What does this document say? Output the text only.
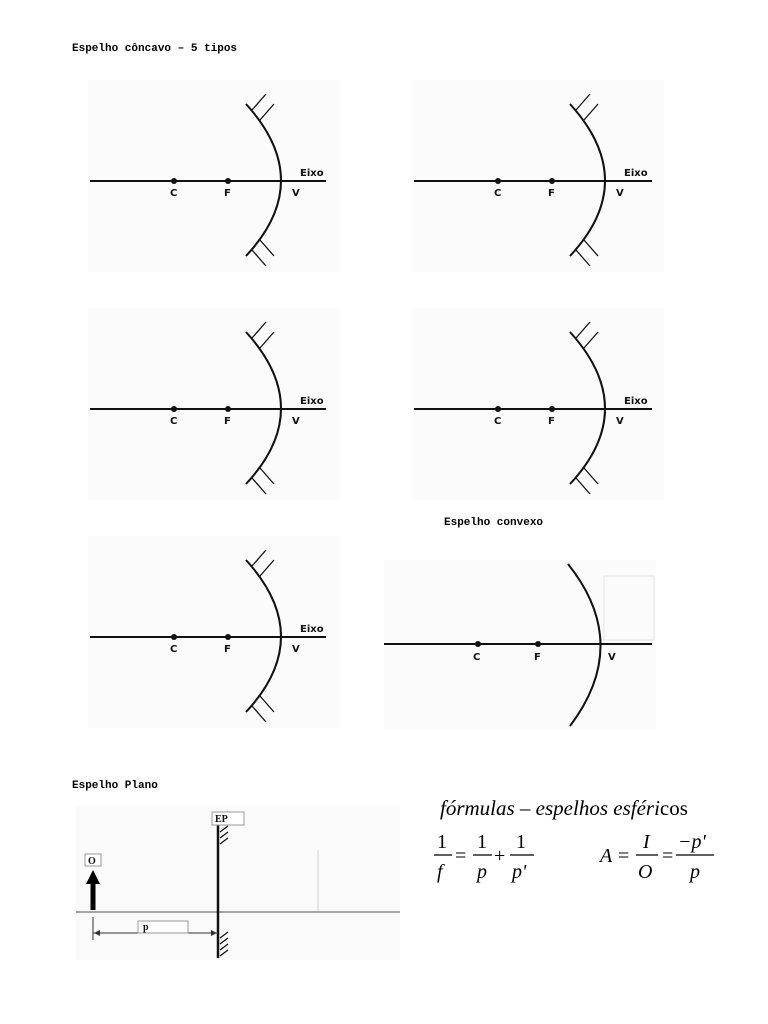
Espelho côncavo – 5 tipos
C	F	V
Eixo
C	F	V
Eixo
C	F	V
Eixo
C	F	V
Eixo
Espelho convexo
C	F	V
Eixo
C	F	V
Espelho Plano
EP
O
p
fórmulas – espelhos esféricos
1
f
=
1
p
+
1
p'
A =
I
O
=
−p'
p
